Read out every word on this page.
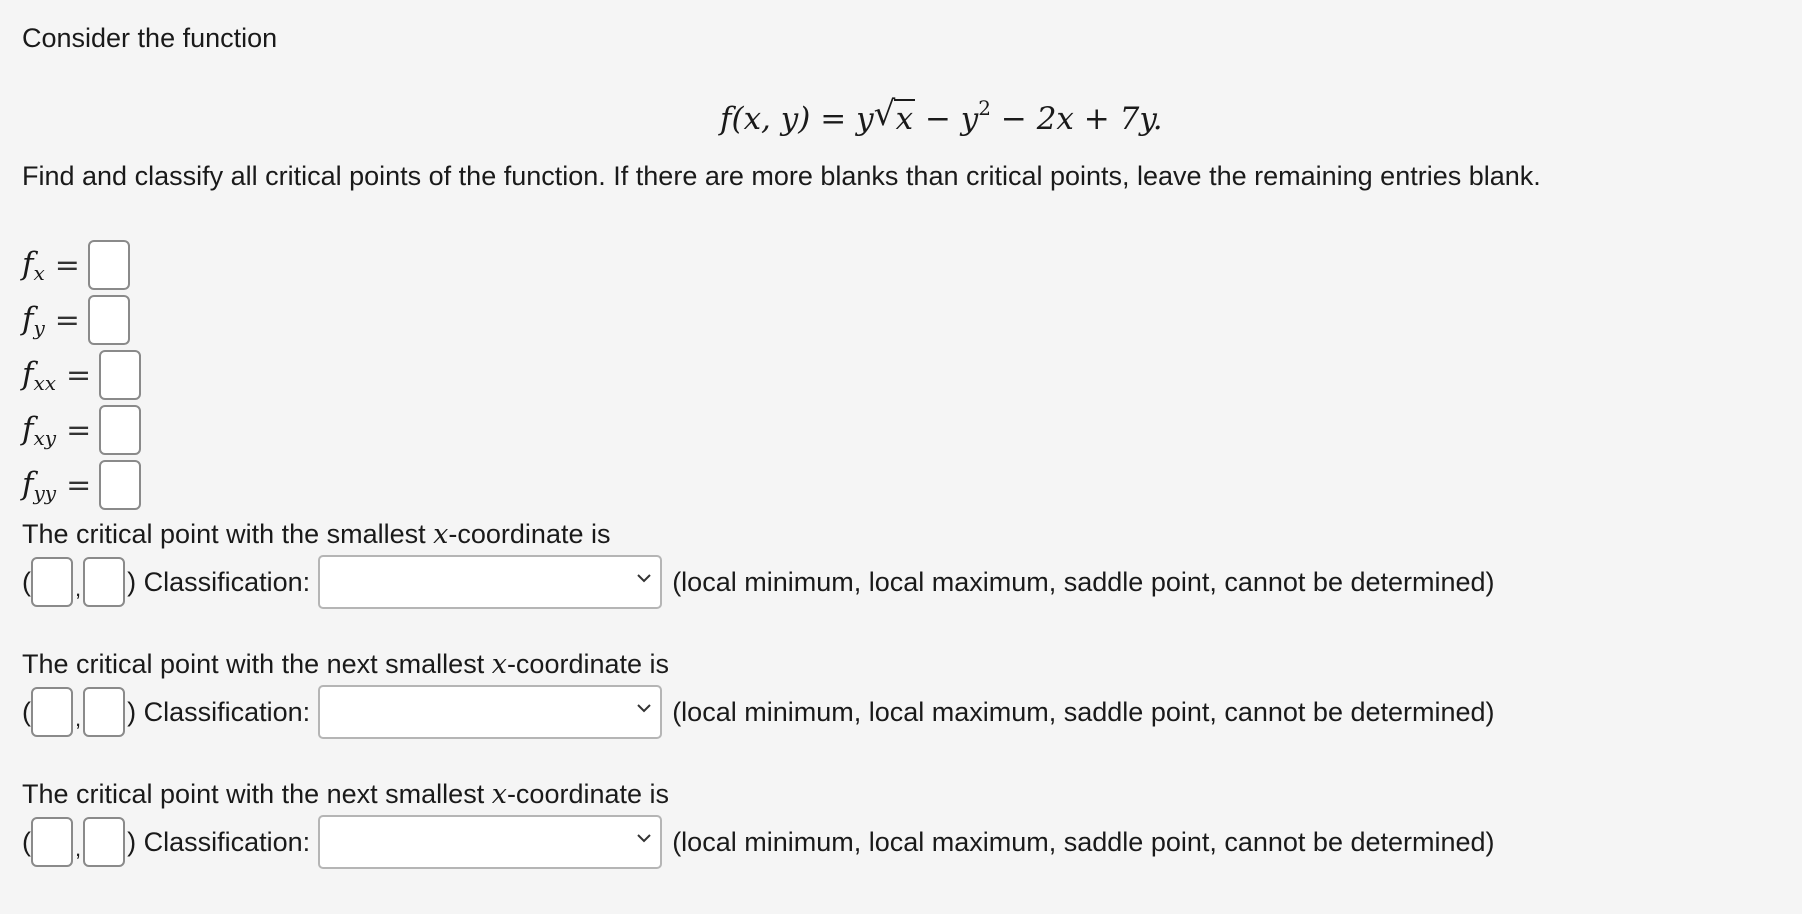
Consider the function
f(x, y) = y √ $x - y^2 - 2x + 7y$.
Find and classify all critical points of the function. If there are more blanks than critical points, leave the remaining entries blank.
$f_x$ =
$f_y$ =
$f_{xx}$ =
$f_{xy}$ =
$f_{yy}$ =
The critical point with the smallest x-coordinate is
( , ) Classification:	(local minimum, local maximum, saddle point, cannot be determined)
The critical point with the next smallest x-coordinate is
( , ) Classification:	(local minimum, local maximum, saddle point, cannot be determined)
The critical point with the next smallest x-coordinate is
( , ) Classification:	(local minimum, local maximum, saddle point, cannot be determined)
